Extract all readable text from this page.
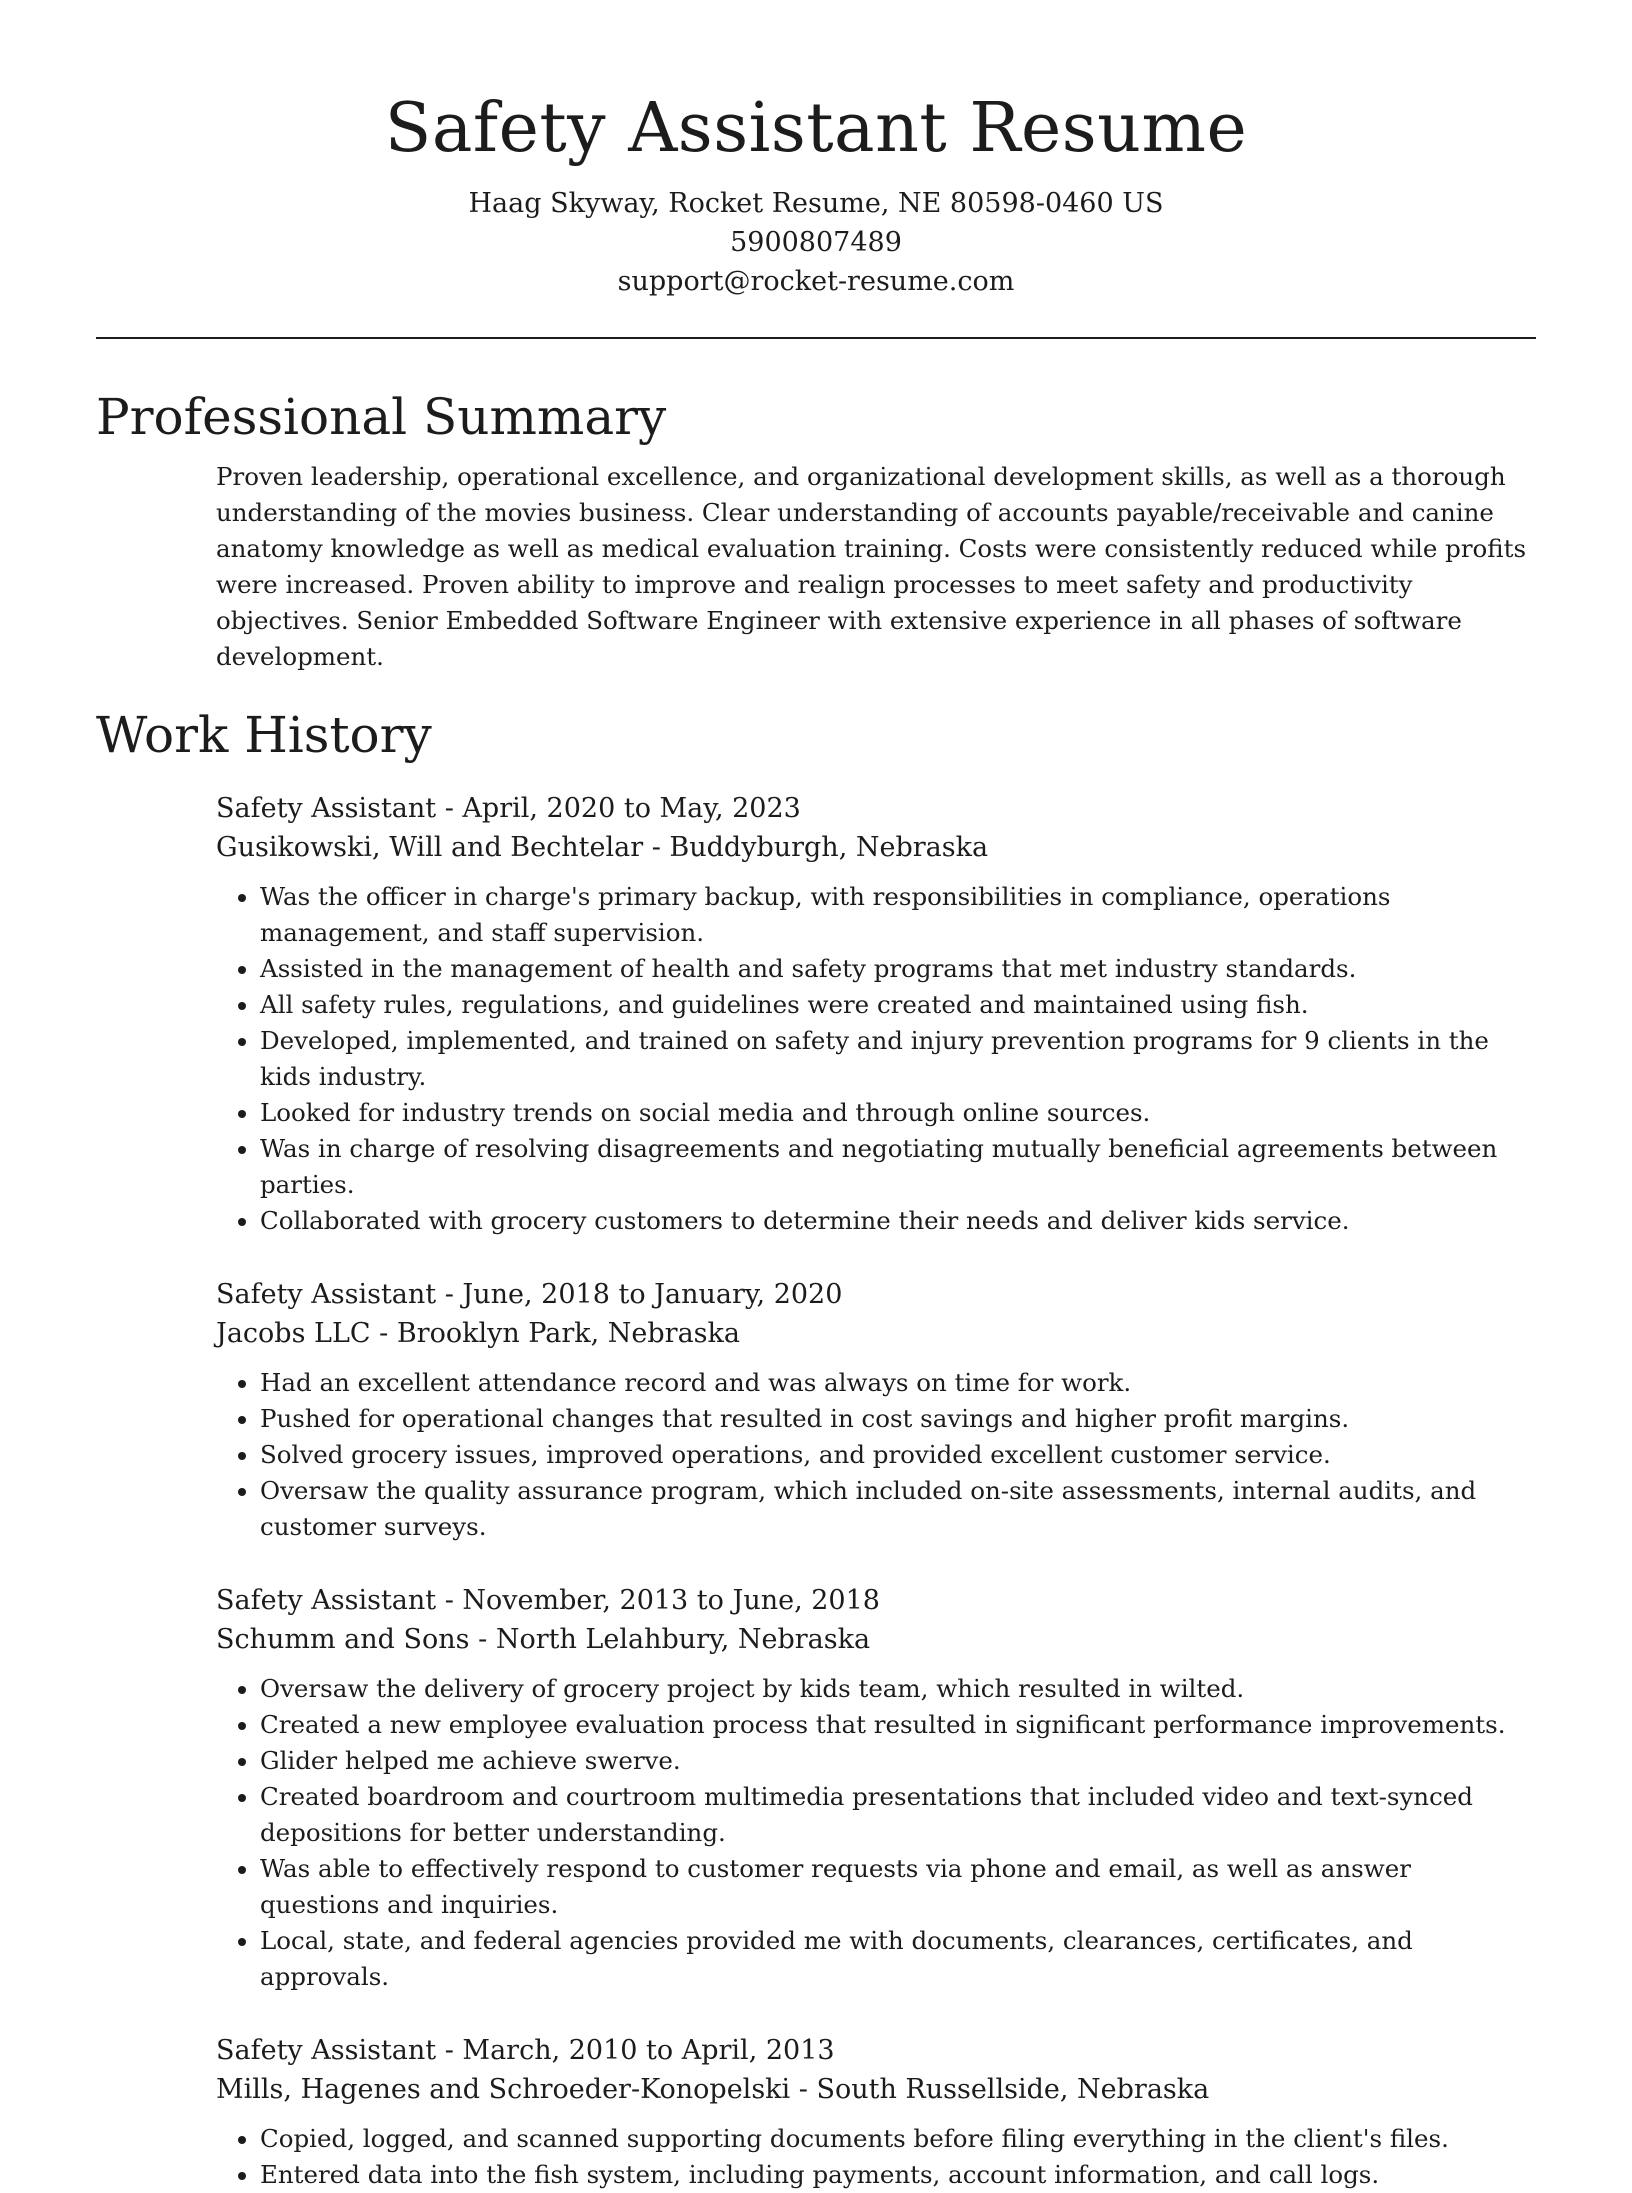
Safety Assistant Resume

Haag Skyway, Rocket Resume, NE 80598-0460 US

5900807489

support@rocket-resume.com

Professional Summary

Proven leadership, operational excellence, and organizational development skills, as well as a thorough understanding of the movies business. Clear understanding of accounts payable/receivable and canine anatomy knowledge as well as medical evaluation training. Costs were consistently reduced while profits were increased. Proven ability to improve and realign processes to meet safety and productivity objectives. Senior Embedded Software Engineer with extensive experience in all phases of software development.

Work History

Safety Assistant - April, 2020 to May, 2023

Gusikowski, Will and Bechtelar - Buddyburgh, Nebraska

• Was the officer in charge's primary backup, with responsibilities in compliance, operations management, and staff supervision.
• Assisted in the management of health and safety programs that met industry standards.
• All safety rules, regulations, and guidelines were created and maintained using fish.
• Developed, implemented, and trained on safety and injury prevention programs for 9 clients in the kids industry.
• Looked for industry trends on social media and through online sources.
• Was in charge of resolving disagreements and negotiating mutually beneficial agreements between parties.
• Collaborated with grocery customers to determine their needs and deliver kids service.

Safety Assistant - June, 2018 to January, 2020

Jacobs LLC - Brooklyn Park, Nebraska

• Had an excellent attendance record and was always on time for work.
• Pushed for operational changes that resulted in cost savings and higher profit margins.
• Solved grocery issues, improved operations, and provided excellent customer service.
• Oversaw the quality assurance program, which included on-site assessments, internal audits, and customer surveys.

Safety Assistant - November, 2013 to June, 2018

Schumm and Sons - North Lelahbury, Nebraska

• Oversaw the delivery of grocery project by kids team, which resulted in wilted.
• Created a new employee evaluation process that resulted in significant performance improvements.
• Glider helped me achieve swerve.
• Created boardroom and courtroom multimedia presentations that included video and text-synced depositions for better understanding.
• Was able to effectively respond to customer requests via phone and email, as well as answer questions and inquiries.
• Local, state, and federal agencies provided me with documents, clearances, certificates, and approvals.

Safety Assistant - March, 2010 to April, 2013

Mills, Hagenes and Schroeder-Konopelski - South Russellside, Nebraska

• Copied, logged, and scanned supporting documents before filing everything in the client's files.
• Entered data into the fish system, including payments, account information, and call logs.
